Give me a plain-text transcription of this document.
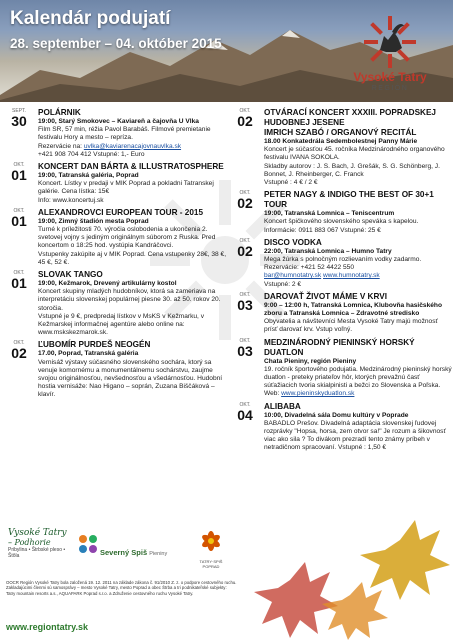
Kalendár podujatí
28. september – 04. október 2015
Vysoké Tatry
REGIÓN
SEPT.
30
POLÁRNIK
19:00, Starý Smokovec – Kaviareň a čajovňa U Vlka
Film SR, 57 min, réžia Pavol Barabáš. Filmové premietanie festivalu Hory a mesto – repríza.
Rezervácie na: uvlka@kaviarenacajovnauvlka.sk
+421 908 704 412 Vstupné: 1,- Euro
OKT.
01
KONCERT DAN BÁRTA & ILLUSTRATOSPHERE
19:00, Tatranská galéria, Poprad
Koncert. Lístky v predaji v MIK Poprad a pokladni Tatranskej galérie. Cena lístka: 15€
Info: www.koncertuj.sk
OKT.
01
ALEXANDROVCI EUROPEAN TOUR - 2015
19:00, Zimný štadión mesta Poprad
Turné k príležitosti 70. výročia oslobodenia a ukončenia 2. svetovej vojny s jediným originálnym súborom z Ruska. Pred koncertom o 18:25 hod. vystúpia Kandráčovci.
Vstupenky zakúpite aj v MIK Poprad. Cena vstupenky 28€, 38 €, 45 €, 52 €.
OKT.
01
SLOVAK TANGO
19:00, Kežmarok, Drevený artikulárny kostol
Koncert skupiny mladých hudobníkov, ktorá sa zameriava na interpretáciu slovenskej populárnej piesne 30. až 50. rokov 20. storočia.
Vstupné je 9 €, predpredaj lístkov v MsKS v Kežmarku, v Kežmarskej informačnej agentúre alebo online na: www.mskskezmarok.sk.
OKT.
02
ĽUBOMÍR PURDEŠ NEOGÉN
17.00, Poprad, Tatranská galéria
Vernisáž výstavy súčasného slovenského sochára, ktorý sa venuje komornému a monumentálnemu sochárstvu, zaujme svojou originálnosťou, nevšednosťou a všedárnosťou. Hudobní hostia vernisáže: Nao Higano – soprán, Zuzana Biščáková – klavír.
OKT.
02
OTVÁRACÍ KONCERT XXXIII. POPRADSKEJ HUDOBNEJ JESENE
IMRICH SZABÓ / ORGANOVÝ RECITÁL
18.00 Konkatedrála Sedembolestnej Panny Márie
Koncert je súčasťou 45. ročníka Medzinárodného organového festivalu IVANA SOKOLA.
Skladby autorov : J. S. Bach, J. Grešák, S. G. Schönberg, J. Bonnet, J. Rheinberger, C. Franck
Vstupné : 4 € / 2 €
OKT.
02
PETER NAGY & INDIGO THE BEST OF 30+1 TOUR
19:00, Tatranská Lomnica – Teniscentrum
Koncert špičkového slovenského speváka s kapelou.
Informácie: 0911 883 067 Vstupné: 25 €
OKT.
02
DISCO VODKA
22:00, Tatranská Lomnica – Humno Tatry
Mega žúrka s polnočným rozlievaním vodky zadarmo. Rezervácie: +421 52 4422 550
bar@humnotatry.sk www.humnotatry.sk
Vstupné: 2 €
OKT.
03
DAROVAŤ ŽIVOT MÁME V KRVI
9:00 – 12:00 h, Tatranská Lomnica, Klubovňa hasičského zboru a Tatranská Lomnica – Zdravotné stredisko
Obyvatelia a návštevníci Mesta Vysoké Tatry majú možnosť prísť darovať krv. Vstup voľný.
OKT.
03
MEDZINÁRODNÝ PIENINSKÝ HORSKÝ DUATLON
Chata Pieniny, región Pieniny
19. ročník športového podujatia. Medzinárodný pieninský horský duatlon - pretekу priateľov hôr, ktorých prevažnú časť súťažiacich tvoria skialpinisti a bežci zo Slovenska a Poľska.
Web: www.pieninskyduatlon.sk
OKT.
04
ALIBABA
10:00, Divadelná sála Domu kultúry v Poprade
BABADLO Prešov. Divadelná adaptácia slovenskej ľudovej rozprávky "Hopsa, horsa, zem otvor sa!" Je rozum a šikovnosť viac ako sila ? To divákom prezradí tento známy príbeh v netradičnom spracovaní. Vstupné : 1,50 €
Vysoké Tatry
– Podhorie
Pribylina • Štrbské pleso • Štôla	Severný Spiš Pieniny
TATRY·SPIŠ POPRAD
OOCR Región Vysoké Tatry bola založená 19. 12. 2011 na základe zákona č. 91/2010 Z. z. o podpore cestovného ruchu.
Zakladajúcimi členmi sú samosprávy – mesto Vysoké Tatry, mesto Poprad a obec Štrba a tri podnikateľské subjekty:
Tatry mountain resorts a.s., AQUAPARK Poprad s.r.o. a Združenie cestovného ruchu Vysoké Tatry.
www.regiontatry.sk
